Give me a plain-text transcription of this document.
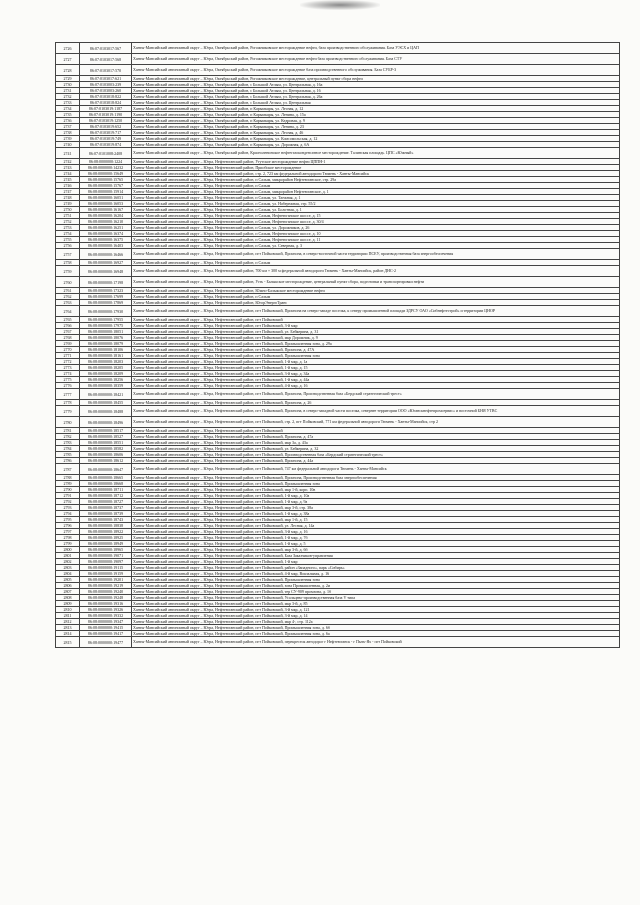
2726	86:07:0103017:567	Ханты-Мансийский автономный округ – Югра, Октябрьский район, Рогожниковское месторождение нефти, база производственного обслуживания. База УЭСХ и ЦАП
2727	86:07:0103017:568	Ханты-Мансийский автономный округ – Югра, Октябрьский район, Рогожниковское месторождение нефти база производственного обслуживания. База СТУ
2728	86:07:0103017:570	Ханты-Мансийский автономный округ – Югра, Октябрьский район, Рогожниковское месторождение база производственного обслуживания. База СУБР-3
2729	86:07:0103017:621	Ханты-Мансийский автономный округ – Югра, Октябрьский район, Рогожниковское месторождение, центральный пункт сбора нефти
2730	86:07:0103003:239	Ханты-Мансийский автономный округ – Югра, Октябрьский район, с Большой Атлым, ул. Центральная, д. 16а
2731	86:07:0103003:260	Ханты-Мансийский автономный округ – Югра, Октябрьский район, с Большой Атлым, ул. Центральная, д. 16
2732	86:07:0103018:822	Ханты-Мансийский автономный округ – Югра, Октябрьский район, с Большой Атлым, ул. Центральная, д. 26а
2733	86:07:0103018:824	Ханты-Мансийский автономный округ – Югра, Октябрьский район, с Большой Атлым, ул. Центральная
2734	86:07:0103019:1187	Ханты-Мансийский автономный округ – Югра, Октябрьский район, п Карымкары, ул. Лесная, д. 12
2735	86:07:0103019:1190	Ханты-Мансийский автономный округ – Югра, Октябрьский район, п Карымкары, ул. Ленина, д. 15а
2736	86:07:0103019:1250	Ханты-Мансийский автономный округ – Югра, Октябрьский район, п Карымкары, ул. Кедровая, д. 9
2737	86:07:0103019:652	Ханты-Мансийский автономный округ – Югра, Октябрьский район, п Карымкары, ул. Ленина, д. 23
2738	86:07:0103019:717	Ханты-Мансийский автономный округ – Югра, Октябрьский район, п Карымкары, ул. Лесная, д. 46
2739	86:07:0103019:749	Ханты-Мансийский автономный округ – Югра, Октябрьский район, п Карымкары, ул. Комсомольская, д. 12
2740	86:07:0103019:874	Ханты-Мансийский автономный округ – Югра, Октябрьский район, п Карымкары, ул. Дорожная, д. 6А
2741	86:07:0101008:2408	Ханты-Мансийский автономный округ – Югра, Октябрьский район, Красноленинское нефтегазоконденсатное месторождение. Талинская площадь. ЦПС «Южный»
2742	86:08:0000000:1224	Ханты-Мансийский автономный округ – Югра, Нефтеюганский район, Угутское месторождение нефти ЦППН-1
2743	86:08:0000000:14232	Ханты-Мансийский автономный округ – Югра, Нефтеюганский район, Приобское месторождение
2744	86:08:0000000:15649	Ханты-Мансийский автономный округ – Югра, Нефтеюганский район, стр. 2, 723 км федеральной автодороги Тюмень - Ханты-Мансийск
2745	86:08:0000000:15765	Ханты-Мансийский автономный округ – Югра, Нефтеюганский район, п Салым, микрорайон Нефтеюганское, стр. 29а
2746	86:08:0000000:15767	Ханты-Мансийский автономный округ – Югра, Нефтеюганский район, п Салым
2747	86:08:0000000:15914	Ханты-Мансийский автономный округ – Югра, Нефтеюганский район, п Салым, микрорайон Нефтеюганское, д. 1
2748	86:08:0000000:16051	Ханты-Мансийский автономный округ – Югра, Нефтеюганский район, п Салым, ул. Таежная, д. 1
2749	86:08:0000000:16053	Ханты-Мансийский автономный округ – Югра, Нефтеюганский район, п Салым, ул. Набережная, стр. 55/2
2750	86:08:0000000:16167	Ханты-Мансийский автономный округ – Югра, Нефтеюганский район, п Салым, ул. Болотная, д. 1
2751	86:08:0000000:16204	Ханты-Мансийский автономный округ – Югра, Нефтеюганский район, п Салым, Нефтеюганское шоссе, д. 15
2752	86:08:0000000:16210	Ханты-Мансийский автономный округ – Югра, Нефтеюганский район, п Салым, Нефтеюганское шоссе, д. 30/4
2753	86:08:0000000:16251	Ханты-Мансийский автономный округ – Югра, Нефтеюганский район, п Салым, ул. Дорожников, д. 26
2754	86:08:0000000:16374	Ханты-Мансийский автономный округ – Югра, Нефтеюганский район, п Салым, Нефтеюганское шоссе, д. 10
2755	86:08:0000000:16375	Ханты-Мансийский автономный округ – Югра, Нефтеюганский район, п Салым, Нефтеюганское шоссе, д. 11
2756	86:08:0000000:16403	Ханты-Мансийский автономный округ – Югра, Нефтеюганский район, п Салым, ул. Северная, д. 3
2757	86:08:0000000:16466	Ханты-Мансийский автономный округ – Югра, Нефтеюганский район, пгт Пойковский, Промзона, в северо-восточной части территории ПСЕУ, производственная база энергообеспечения
2758	86:08:0000000:16927	Ханты-Мансийский автономный округ – Югра, Нефтеюганский район, п Салым
2759	86:08:0000000:16948	Ханты-Мансийский автономный округ – Югра, Нефтеюганский район, 700 км + 300 м федеральной автодороги Тюмень - Ханты-Мансийск, район ДНС-2
2760	86:08:0000000:17198	Ханты-Мансийский автономный округ – Югра, Нефтеюганский район, Усть - Балыкское месторождение, центральный пункт сбора, подготовки и транспортировки нефти
2761	86:08:0000000:17323	Ханты-Мансийский автономный округ – Югра, Нефтеюганский район, Южно-Балыкское месторождение нефти
2762	86:08:0000000:17699	Ханты-Мансийский автономный округ – Югра, Нефтеюганский район, п Салым
2763	86:08:0000000:17869	Ханты-Мансийский автономный округ – Югра, Нефтеюганский район, ЮгорЭнергоТранс
2764	86:08:0000000:17930	Ханты-Мансийский автономный округ – Югра, Нефтеюганский район, пгт Пойковский, Промзона на северо-западе поселка, к северу промышленной площади ЗДРСУ ОАО «Сибнефтестрой» и территории ЦНОР
2765	86:08:0000000:17955	Ханты-Мансийский автономный округ – Югра, Нефтеюганский район, пгт Пойковский
2766	86:08:0000000:17975	Ханты-Мансийский автономный округ – Югра, Нефтеюганский район, пгт Пойковский, 3-й мкр
2767	86:08:0000000:18051	Ханты-Мансийский автономный округ – Югра, Нефтеюганский район, пгт Пойковский, ул. Бейкерина, д. 31
2768	86:08:0000000:18076	Ханты-Мансийский автономный округ – Югра, Нефтеюганский район, пгт Пойковский, мкр Дорожник, д. 9
2769	86:08:0000000:18079	Ханты-Мансийский автономный округ – Югра, Нефтеюганский район, пгт Пойковский, Промышленная зона, д. 29а
2770	86:08:0000000:18106	Ханты-Мансийский автономный округ – Югра, Нефтеюганский район, пгт Пойковский, Промзона, д. 47А
2771	86:08:0000000:18161	Ханты-Мансийский автономный округ – Югра, Нефтеюганский район, пгт Пойковский, Промышленная зона
2772	86:08:0000000:18203	Ханты-Мансийский автономный округ – Югра, Нефтеюганский район, пгт Пойковский, 1-й мкр, д. 1а
2773	86:08:0000000:18205	Ханты-Мансийский автономный округ – Югра, Нефтеюганский район, пгт Пойковский, 1-й мкр, д. 15
2774	86:08:0000000:18209	Ханты-Мансийский автономный округ – Югра, Нефтеюганский район, пгт Пойковский, 3-й мкр, д. 34а
2775	86:08:0000000:18256	Ханты-Мансийский автономный округ – Югра, Нефтеюганский район, пгт Пойковский, 1-й мкр, д. 44а
2776	86:08:0000000:18359	Ханты-Мансийский автономный округ – Югра, Нефтеюганский район, пгт Пойковский, 4-й мкр, д. 16
2777	86:08:0000000:18421	Ханты-Мансийский автономный округ – Югра, Нефтеюганский район, пгт Пойковский, Промзона, Производственная база «Бердский стратегический трест»
2778	86:08:0000000:18455	Ханты-Мансийский автономный округ – Югра, Нефтеюганский район, пгт Пойковский, Промзона, д. 26
2779	86:08:0000000:18488	Ханты-Мансийский автономный округ – Югра, Нефтеюганский район, пгт Пойковский, Промзона, в северо-западной части поселка, севернее территории ООО «Юганскнефтепромсервис» и восточной БНЯ УТВС
2780	86:08:0000000:18496	Ханты-Мансийский автономный округ – Югра, Нефтеюганский район, пгт Пойковский, стр. 2, пгт Пойковский, 771 км федеральной автодороги Тюмень - Ханты-Мансийск, стр 2
2781	86:08:0000000:18517	Ханты-Мансийский автономный округ – Югра, Нефтеюганский район, пгт Пойковский
2782	86:08:0000000:18527	Ханты-Мансийский автономный округ – Югра, Нефтеюганский район, пгт Пойковский, Промзона, д. 47а
2783	86:08:0000000:18551	Ханты-Мансийский автономный округ – Югра, Нефтеюганский район, пгт Пойковский, мкр 3а, д. 43а
2784	86:08:0000000:18582	Ханты-Мансийский автономный округ – Югра, Нефтеюганский район, пгт Пойковский, ул. Бейкерина, д. 32
2785	86:08:0000000:18606	Ханты-Мансийский автономный округ – Югра, Нефтеюганский район, пгт Пойковский, Производственная база «Бердский стратегический трест»
2786	86:08:0000000:18612	Ханты-Мансийский автономный округ – Югра, Нефтеюганский район, пгт Пойковский, Промзона, д. 44а
2787	86:08:0000000:18647	Ханты-Мансийский автономный округ – Югра, Нефтеюганский район, пгт Пойковский, 747 км федеральной автодороги Тюмень - Ханты-Мансийск
2788	86:08:0000000:18665	Ханты-Мансийский автономный округ – Югра, Нефтеюганский район, пгт Пойковский, Промзона, Производственная база энергообеспечения
2789	86:08:0000000:18668	Ханты-Мансийский автономный округ – Югра, Нефтеюганский район, пгт Пойковский, Промышленная зона
2790	86:08:0000000:18711	Ханты-Мансийский автономный округ – Югра, Нефтеюганский район, пгт Пойковский, мкр 1-й, корп. 10в
2791	86:08:0000000:18712	Ханты-Мансийский автономный округ – Югра, Нефтеюганский район, пгт Пойковский, 1-й мкр, д. 10а
2792	86:08:0000000:18727	Ханты-Мансийский автономный округ – Югра, Нефтеюганский район, пгт Пойковский, 1-й мкр, д. 9а
2793	86:08:0000000:18737	Ханты-Мансийский автономный округ – Югра, Нефтеюганский район, пгт Пойковский, мкр 3-й, стр. 38а
2794	86:08:0000000:18739	Ханты-Мансийский автономный округ – Югра, Нефтеюганский район, пгт Пойковский, 1-й мкр, д. 38а
2795	86:08:0000000:18743	Ханты-Мансийский автономный округ – Югра, Нефтеюганский район, пгт Пойковский, мкр 1-й, д. 15
2796	86:08:0000000:18838	Ханты-Мансийский автономный округ – Югра, Нефтеюганский район, пгт Пойковский, ул. Лесная, д. 14а
2797	86:08:0000000:18922	Ханты-Мансийский автономный округ – Югра, Нефтеюганский район, пгт Пойковский, 3-й мкр, д. 16
2798	86:08:0000000:18925	Ханты-Мансийский автономный округ – Югра, Нефтеюганский район, пгт Пойковский, 1-й мкр, д. 7б
2799	86:08:0000000:18949	Ханты-Мансийский автономный округ – Югра, Нефтеюганский район, пгт Пойковский, 1-й мкр, д. 5
2800	86:08:0000000:18965	Ханты-Мансийский автономный округ – Югра, Нефтеюганский район, пгт Пойковский, мкр 3-й, д. 6б
2801	86:08:0000000:19071	Ханты-Мансийский автономный округ – Югра, Нефтеюганский район, пгт Пойковский, База Заказчиков-управления
2802	86:08:0000000:19097	Ханты-Мансийский автономный округ – Югра, Нефтеюганский район, пгт Пойковский, 1-й мкр
2803	86:08:0000000:19115	Ханты-Мансийский автономный округ – Югра, Нефтеюганский район, пгт Пойковский, район «Западного», парк «Сибирь»
2804	86:08:0000000:19159	Ханты-Мансийский автономный округ – Югра, Нефтеюганский район, пгт Пойковский, 4-й мкр, Вокзальная, д. 16
2805	86:08:0000000:19201	Ханты-Мансийский автономный округ – Югра, Нефтеюганский район, пгт Пойковский, Промышленная зона
2806	86:08:0000000:19219	Ханты-Мансийский автономный округ – Югра, Нефтеюганский район, пгт Пойковский, зона Промышленная, д. 2и
2807	86:08:0000000:19240	Ханты-Мансийский автономный округ – Югра, Нефтеюганский район, пгт Пойковский, тер СУ-909 промзона, д. 1б
2808	86:08:0000000:19248	Ханты-Мансийский автономный округ – Югра, Нефтеюганский район, пгт Пойковский, Усольцево-производственная база V типа
2809	86:08:0000000:19316	Ханты-Мансийский автономный округ – Югра, Нефтеюганский район, пгт Пойковский, мкр 3-й, д. 85
2810	86:08:0000000:19326	Ханты-Мансийский автономный округ – Югра, Нефтеюганский район, пгт Пойковский, 3-й мкр, д. 121
2811	86:08:0000000:19332	Ханты-Мансийский автономный округ – Югра, Нефтеюганский район, пгт Пойковский, 3-й мкр, д. 14
2812	86:08:0000000:19347	Ханты-Мансийский автономный округ – Югра, Нефтеюганский район, пгт Пойковский, мкр 4-, стр. 112а
2813	86:08:0000000:19415	Ханты-Мансийский автономный округ – Югра, Нефтеюганский район, пгт Пойковский, Промышленная зона, д. 6б
2814	86:08:0000000:19417	Ханты-Мансийский автономный округ – Югра, Нефтеюганский район, пгт Пойковский, Промышленная зона, д. 6а
2815	86:08:0000000:19477	Ханты-Мансийский автономный округ – Югра, Нефтеюганский район, пгт Пойковский, перекресток автодорог г Нефтеюганск - г Пыть-Ях - пгт Пойковский
